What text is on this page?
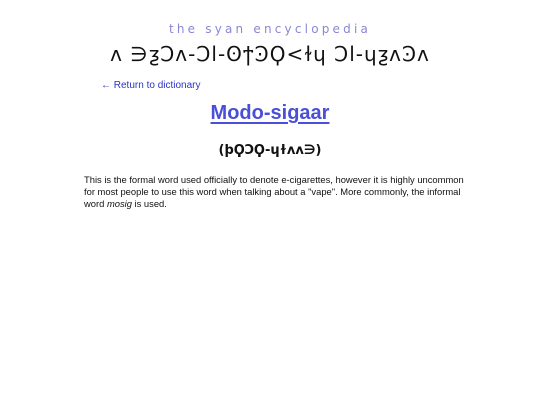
the syan encyclopedia
ʌ ∋ƺϽʌ-Ͻl-ʘϯϿϘ<ɫɥ Ͻl-ɥƺʌϿʌ
← Return to dictionary
Modo-sigaar
(ϸϘϽϘ-ɥɫʌʌ∋)

This is the formal word used officially to denote e-cigarettes, however it is highly uncommon for most people to use this word when talking about a "vape". More commonly, the informal word mosig is used.
